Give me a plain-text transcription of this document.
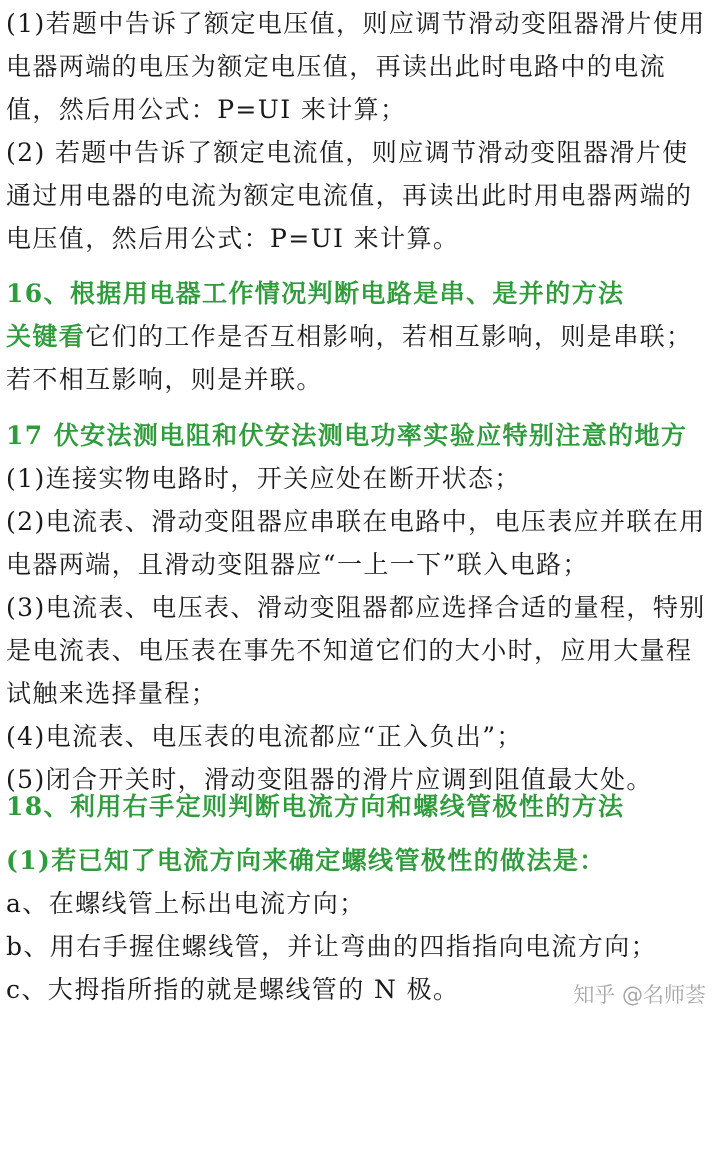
(1)若题中告诉了额定电压值，则应调节滑动变阻器滑片使用
电器两端的电压为额定电压值，再读出此时电路中的电流
值，然后用公式：P=UI 来计算；
(2) 若题中告诉了额定电流值，则应调节滑动变阻器滑片使
通过用电器的电流为额定电流值，再读出此时用电器两端的
电压值，然后用公式：P=UI 来计算。
16、根据用电器工作情况判断电路是串、是并的方法
关键看它们的工作是否互相影响，若相互影响，则是串联；
若不相互影响，则是并联。
17 伏安法测电阻和伏安法测电功率实验应特别注意的地方
(1)连接实物电路时，开关应处在断开状态；
(2)电流表、滑动变阻器应串联在电路中，电压表应并联在用
电器两端，且滑动变阻器应“一上一下”联入电路；
(3)电流表、电压表、滑动变阻器都应选择合适的量程，特别
是电流表、电压表在事先不知道它们的大小时，应用大量程
试触来选择量程；
(4)电流表、电压表的电流都应“正入负出”；
(5)闭合开关时，滑动变阻器的滑片应调到阻值最大处。
知乎 @名师荟
18、利用右手定则判断电流方向和螺线管极性的方法
(1)若已知了电流方向来确定螺线管极性的做法是：
a、在螺线管上标出电流方向；
b、用右手握住螺线管，并让弯曲的四指指向电流方向；
c、大拇指所指的就是螺线管的 N 极。
